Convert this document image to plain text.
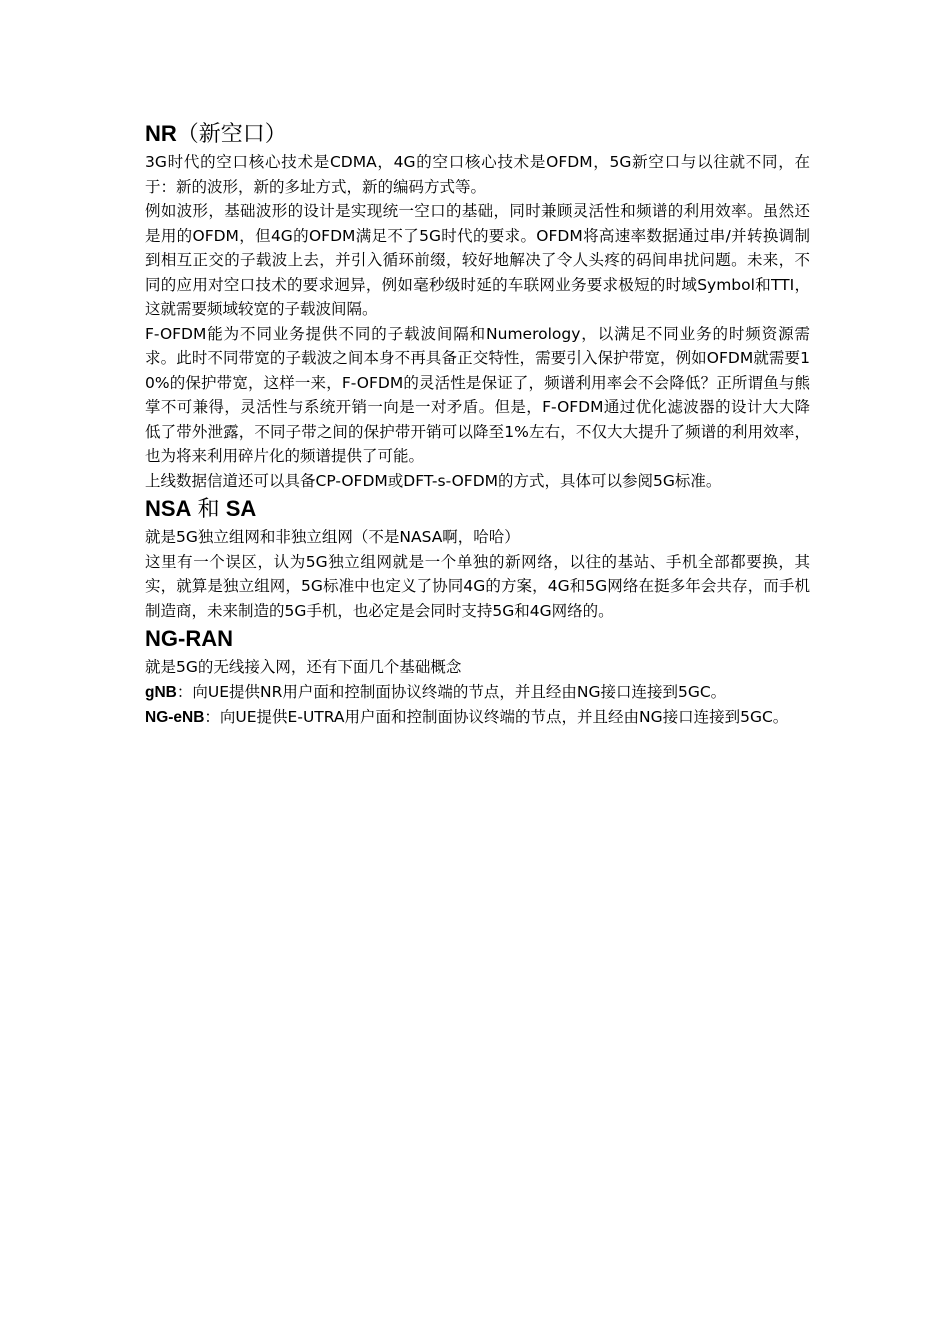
NR（新空口）

3G时代的空口核心技术是CDMA，4G的空口核心技术是OFDM，5G新空口与以往就不同，在于：新的波形，新的多址方式，新的编码方式等。

例如波形，基础波形的设计是实现统一空口的基础，同时兼顾灵活性和频谱的利用效率。虽然还是用的OFDM，但4G的OFDM满足不了5G时代的要求。OFDM将高速率数据通过串/并转换调制到相互正交的子载波上去，并引入循环前缀，较好地解决了令人头疼的码间串扰问题。未来，不同的应用对空口技术的要求迥异，例如毫秒级时延的车联网业务要求极短的时域Symbol和TTI，这就需要频域较宽的子载波间隔。

F-OFDM能为不同业务提供不同的子载波间隔和Numerology，以满足不同业务的时频资源需求。此时不同带宽的子载波之间本身不再具备正交特性，需要引入保护带宽，例如OFDM就需要10%的保护带宽，这样一来，F-OFDM的灵活性是保证了，频谱利用率会不会降低？正所谓鱼与熊掌不可兼得，灵活性与系统开销一向是一对矛盾。但是，F-OFDM通过优化滤波器的设计大大降低了带外泄露，不同子带之间的保护带开销可以降至1%左右，不仅大大提升了频谱的利用效率，也为将来利用碎片化的频谱提供了可能。

上线数据信道还可以具备CP-OFDM或DFT-s-OFDM的方式，具体可以参阅5G标准。

NSA 和 SA

就是5G独立组网和非独立组网（不是NASA啊，哈哈）

这里有一个误区，认为5G独立组网就是一个单独的新网络，以往的基站、手机全部都要换，其实，就算是独立组网，5G标准中也定义了协同4G的方案，4G和5G网络在挺多年会共存，而手机制造商，未来制造的5G手机，也必定是会同时支持5G和4G网络的。

NG-RAN

就是5G的无线接入网，还有下面几个基础概念

gNB：向UE提供NR用户面和控制面协议终端的节点，并且经由NG接口连接到5GC。

NG-eNB：向UE提供E-UTRA用户面和控制面协议终端的节点，并且经由NG接口连接到5GC。
